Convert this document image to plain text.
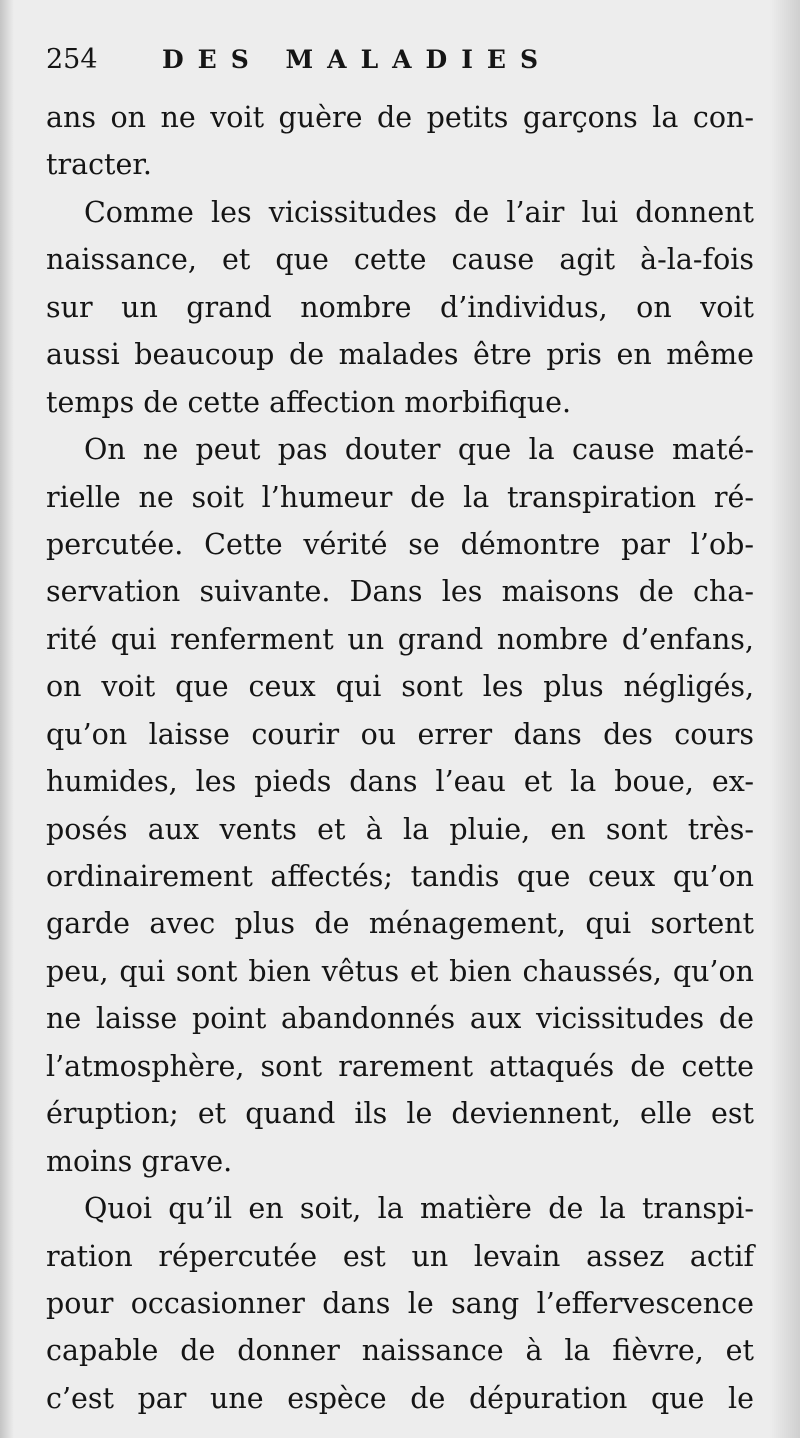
254	DES MALADIES
ans on ne voit guère de petits garçons la con-
tracter.
Comme les vicissitudes de l’air lui donnent
naissance, et que cette cause agit à-la-fois
sur un grand nombre d’individus, on voit
aussi beaucoup de malades être pris en même
temps de cette affection morbifique.
On ne peut pas douter que la cause maté-
rielle ne soit l’humeur de la transpiration ré-
percutée. Cette vérité se démontre par l’ob-
servation suivante. Dans les maisons de cha-
rité qui renferment un grand nombre d’enfans,
on voit que ceux qui sont les plus négligés,
qu’on laisse courir ou errer dans des cours
humides, les pieds dans l’eau et la boue, ex-
posés aux vents et à la pluie, en sont très-
ordinairement affectés; tandis que ceux qu’on
garde avec plus de ménagement, qui sortent
peu, qui sont bien vêtus et bien chaussés, qu’on
ne laisse point abandonnés aux vicissitudes de
l’atmosphère, sont rarement attaqués de cette
éruption; et quand ils le deviennent, elle est
moins grave.
Quoi qu’il en soit, la matière de la transpi-
ration répercutée est un levain assez actif
pour occasionner dans le sang l’effervescence
capable de donner naissance à la fièvre, et
c’est par une espèce de dépuration que le
